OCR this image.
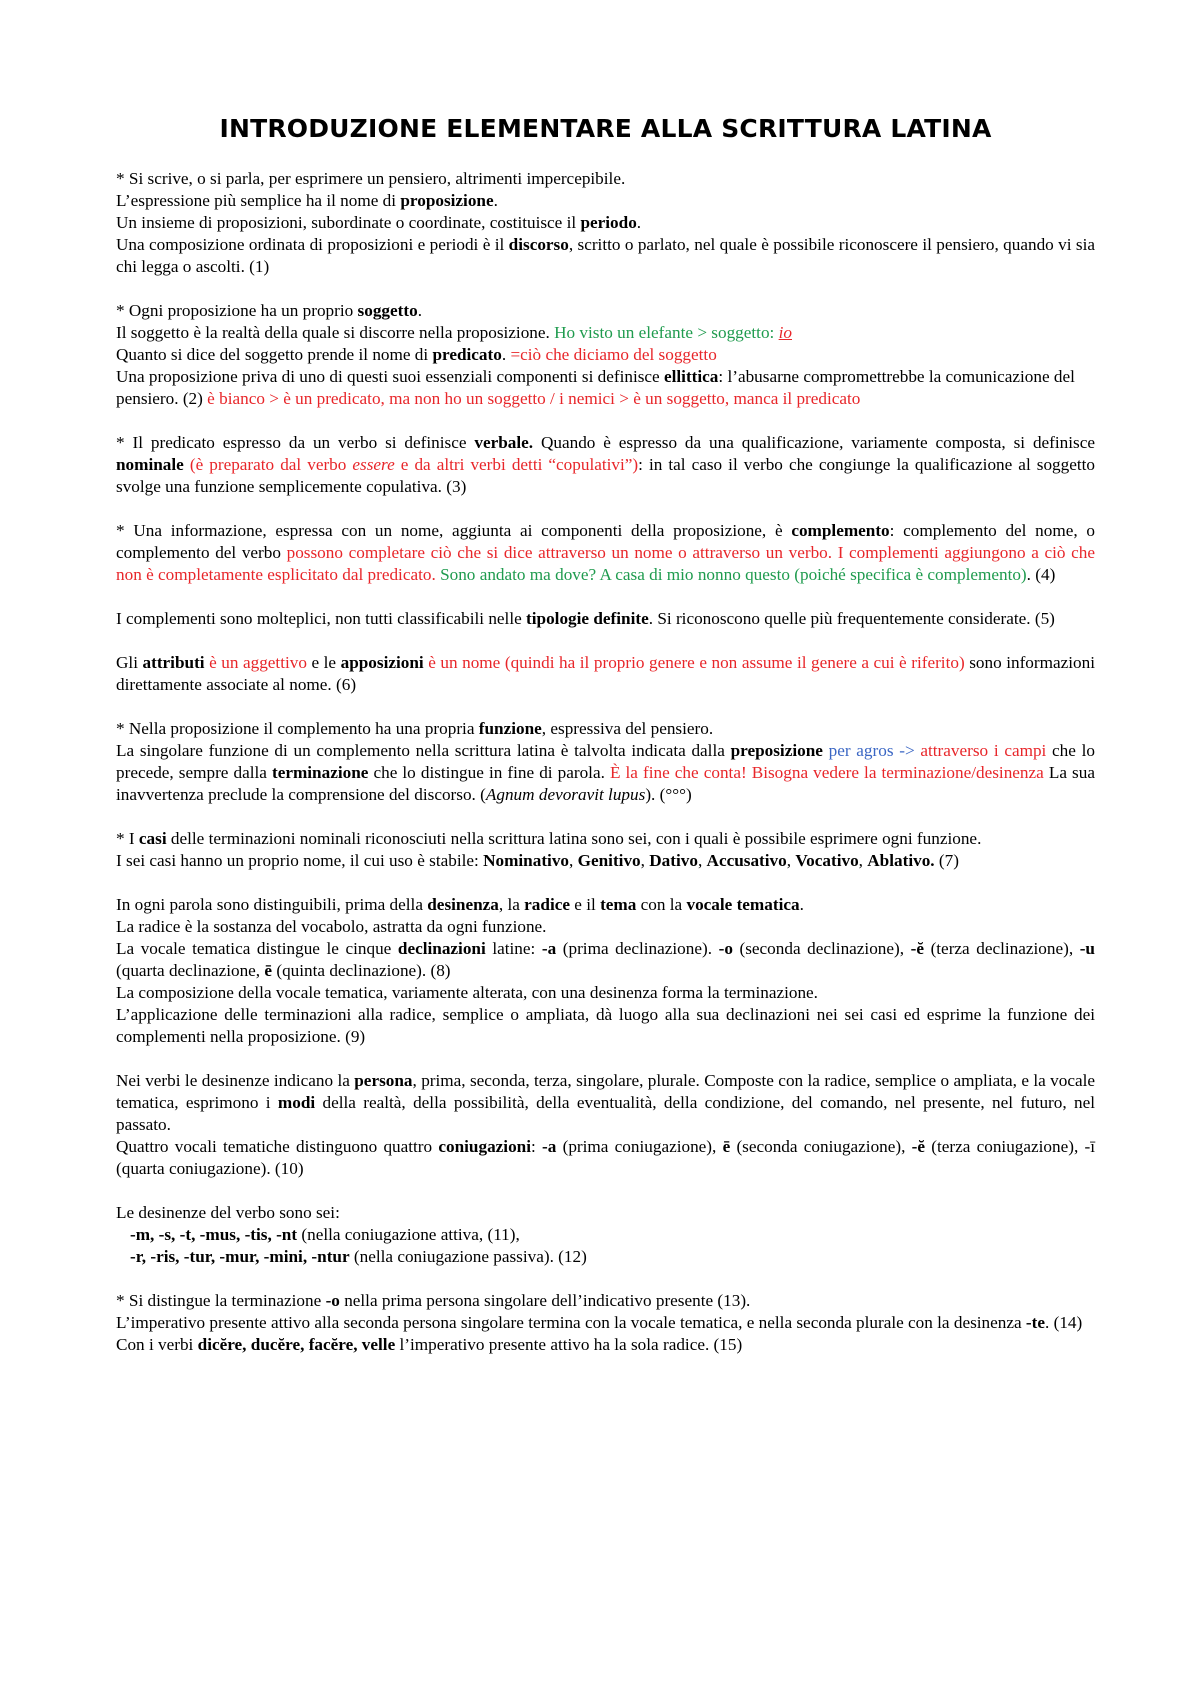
INTRODUZIONE ELEMENTARE ALLA SCRITTURA LATINA

* Si scrive, o si parla, per esprimere un pensiero, altrimenti impercepibile.
L’espressione più semplice ha il nome di proposizione.
Un insieme di proposizioni, subordinate o coordinate, costituisce il periodo.

Una composizione ordinata di proposizioni e periodi è il discorso, scritto o parlato, nel quale è possibile riconoscere il pensiero, quando vi sia chi legga o ascolti. (1)

* Ogni proposizione ha un proprio soggetto.
Il soggetto è la realtà della quale si discorre nella proposizione. Ho visto un elefante > soggetto: io
Quanto si dice del soggetto prende il nome di predicato. =ciò che diciamo del soggetto
Una proposizione priva di uno di questi suoi essenziali componenti si definisce ellittica: l’abusarne compromettrebbe la comunicazione del pensiero. (2) è bianco > è un predicato, ma non ho un soggetto / i nemici > è un soggetto, manca il predicato

* Il predicato espresso da un verbo si definisce verbale. Quando è espresso da una qualificazione, variamente composta, si definisce nominale (è preparato dal verbo essere e da altri verbi detti “copulativi”): in tal caso il verbo che congiunge la qualificazione al soggetto svolge una funzione semplicemente copulativa. (3)

* Una informazione, espressa con un nome, aggiunta ai componenti della proposizione, è complemento: complemento del nome, o complemento del verbo possono completare ciò che si dice attraverso un nome o attraverso un verbo. I complementi aggiungono a ciò che non è completamente esplicitato dal predicato. Sono andato ma dove? A casa di mio nonno questo (poiché specifica è complemento). (4)

I complementi sono molteplici, non tutti classificabili nelle tipologie definite. Si riconoscono quelle più frequentemente considerate. (5)

Gli attributi è un aggettivo e le apposizioni è un nome (quindi ha il proprio genere e non assume il genere a cui è riferito) sono informazioni direttamente associate al nome. (6)

* Nella proposizione il complemento ha una propria funzione, espressiva del pensiero.

La singolare funzione di un complemento nella scrittura latina è talvolta indicata dalla preposizione per agros -> attraverso i campi che lo precede, sempre dalla terminazione che lo distingue in fine di parola. È la fine che conta! Bisogna vedere la terminazione/desinenza La sua inavvertenza preclude la comprensione del discorso. (Agnum devoravit lupus). (°°°)

* I casi delle terminazioni nominali riconosciuti nella scrittura latina sono sei, con i quali è possibile esprimere ogni funzione.

I sei casi hanno un proprio nome, il cui uso è stabile: Nominativo, Genitivo, Dativo, Accusativo, Vocativo, Ablativo. (7)

In ogni parola sono distinguibili, prima della desinenza, la radice e il tema con la vocale tematica.
La radice è la sostanza del vocabolo, astratta da ogni funzione.

La vocale tematica distingue le cinque declinazioni latine: -a (prima declinazione). -o (seconda declinazione), -ĕ (terza declinazione), -u (quarta declinazione, ē (quinta declinazione). (8)
La composizione della vocale tematica, variamente alterata, con una desinenza forma la terminazione.

L’applicazione delle terminazioni alla radice, semplice o ampliata, dà luogo alla sua declinazioni nei sei casi ed esprime la funzione dei complementi nella proposizione. (9)

Nei verbi le desinenze indicano la persona, prima, seconda, terza, singolare, plurale. Composte con la radice, semplice o ampliata, e la vocale tematica, esprimono i modi della realtà, della possibilità, della eventualità, della condizione, del comando, nel presente, nel futuro, nel passato.
Quattro vocali tematiche distinguono quattro coniugazioni: -a (prima coniugazione), ē (seconda coniugazione), -ĕ (terza coniugazione), -ī (quarta coniugazione). (10)

Le desinenze del verbo sono sei:

-m, -s, -t, -mus, -tis, -nt (nella coniugazione attiva, (11),
-r, -ris, -tur, -mur, -mini, -ntur (nella coniugazione passiva). (12)

* Si distingue la terminazione -o nella prima persona singolare dell’indicativo presente (13).

L’imperativo presente attivo alla seconda persona singolare termina con la vocale tematica, e nella seconda plurale con la desinenza -te. (14)
Con i verbi dicĕre, ducĕre, facĕre, velle l’imperativo presente attivo ha la sola radice. (15)
